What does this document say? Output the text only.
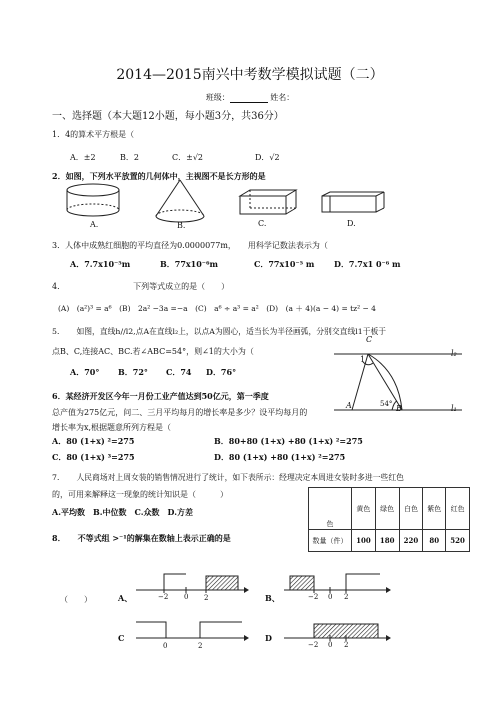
2014—2015南兴中考数学模拟试题（二）
班级：	姓名：
一、选择题（本大题12小题，每小题3分，共36分）
1．4的算术平方根是（
A．±2	B．2	C．±√2	D．√2
2．如图，下列水平放置的几何体中，主视图不是长方形的是
A.	B.	C.	D.
3．人体中成熟红细胞的平均直径为0.0000077m，　　用科学记数法表示为（
A．7.7x10⁻⁵m	B．77x10⁻⁶m	C．77x10⁻⁵ m D．7.7x1 0⁻⁶ m
4．　　　　　　　　　下列等式成立的是（　　）
(A)　(a²)³ = a⁶　(B)　2a² −3a =−a　(C)　a⁶ ÷ a³ = a²　(D)　(a ＋ 4)(a − 4) = tz² − 4
5．　　如图，直线h//l2,点A在直线l₂上，以点A为圆心，适当长为半径画弧，分别交直线l1于板于
点B、C,连接AC、BC.若∠ABC=54°，则∠1的大小为（
A．70° B．72° C．74 D．76°
C
l₂
1
54°
A	B	l₁
6．某经济开发区今年一月份工业产值达到50亿元，第一季度
总产值为275亿元，问二、三月平均每月的增长率是多少？设平均每月的
增长率为x,根据题意所列方程是（
A．80 (1+x) ²=275	B．80+80 (1+x) +80 (1+x) ²=275
C．80 (1+x) ³=275	D．80 (1+x) +80 (1+x) ²=275
7．　　人民商场对上周女装的销售情况进行了统计，如下表所示：经理决定本周进女装时多进一些红色
的，可用来解释这一现象的统计知识是（　　　）
A.平均数　B.中位数　C.众数　D.方差
色	黄色	绿色	白色	紫色	红色
数量（件）	100	180	220	80	520
8．　　不等式组 >⁻¹的解集在数轴上表示正确的是
（　　）	A、	−2 0 2	B、	−2 0 2
C
0	2
D
−2 0 2
